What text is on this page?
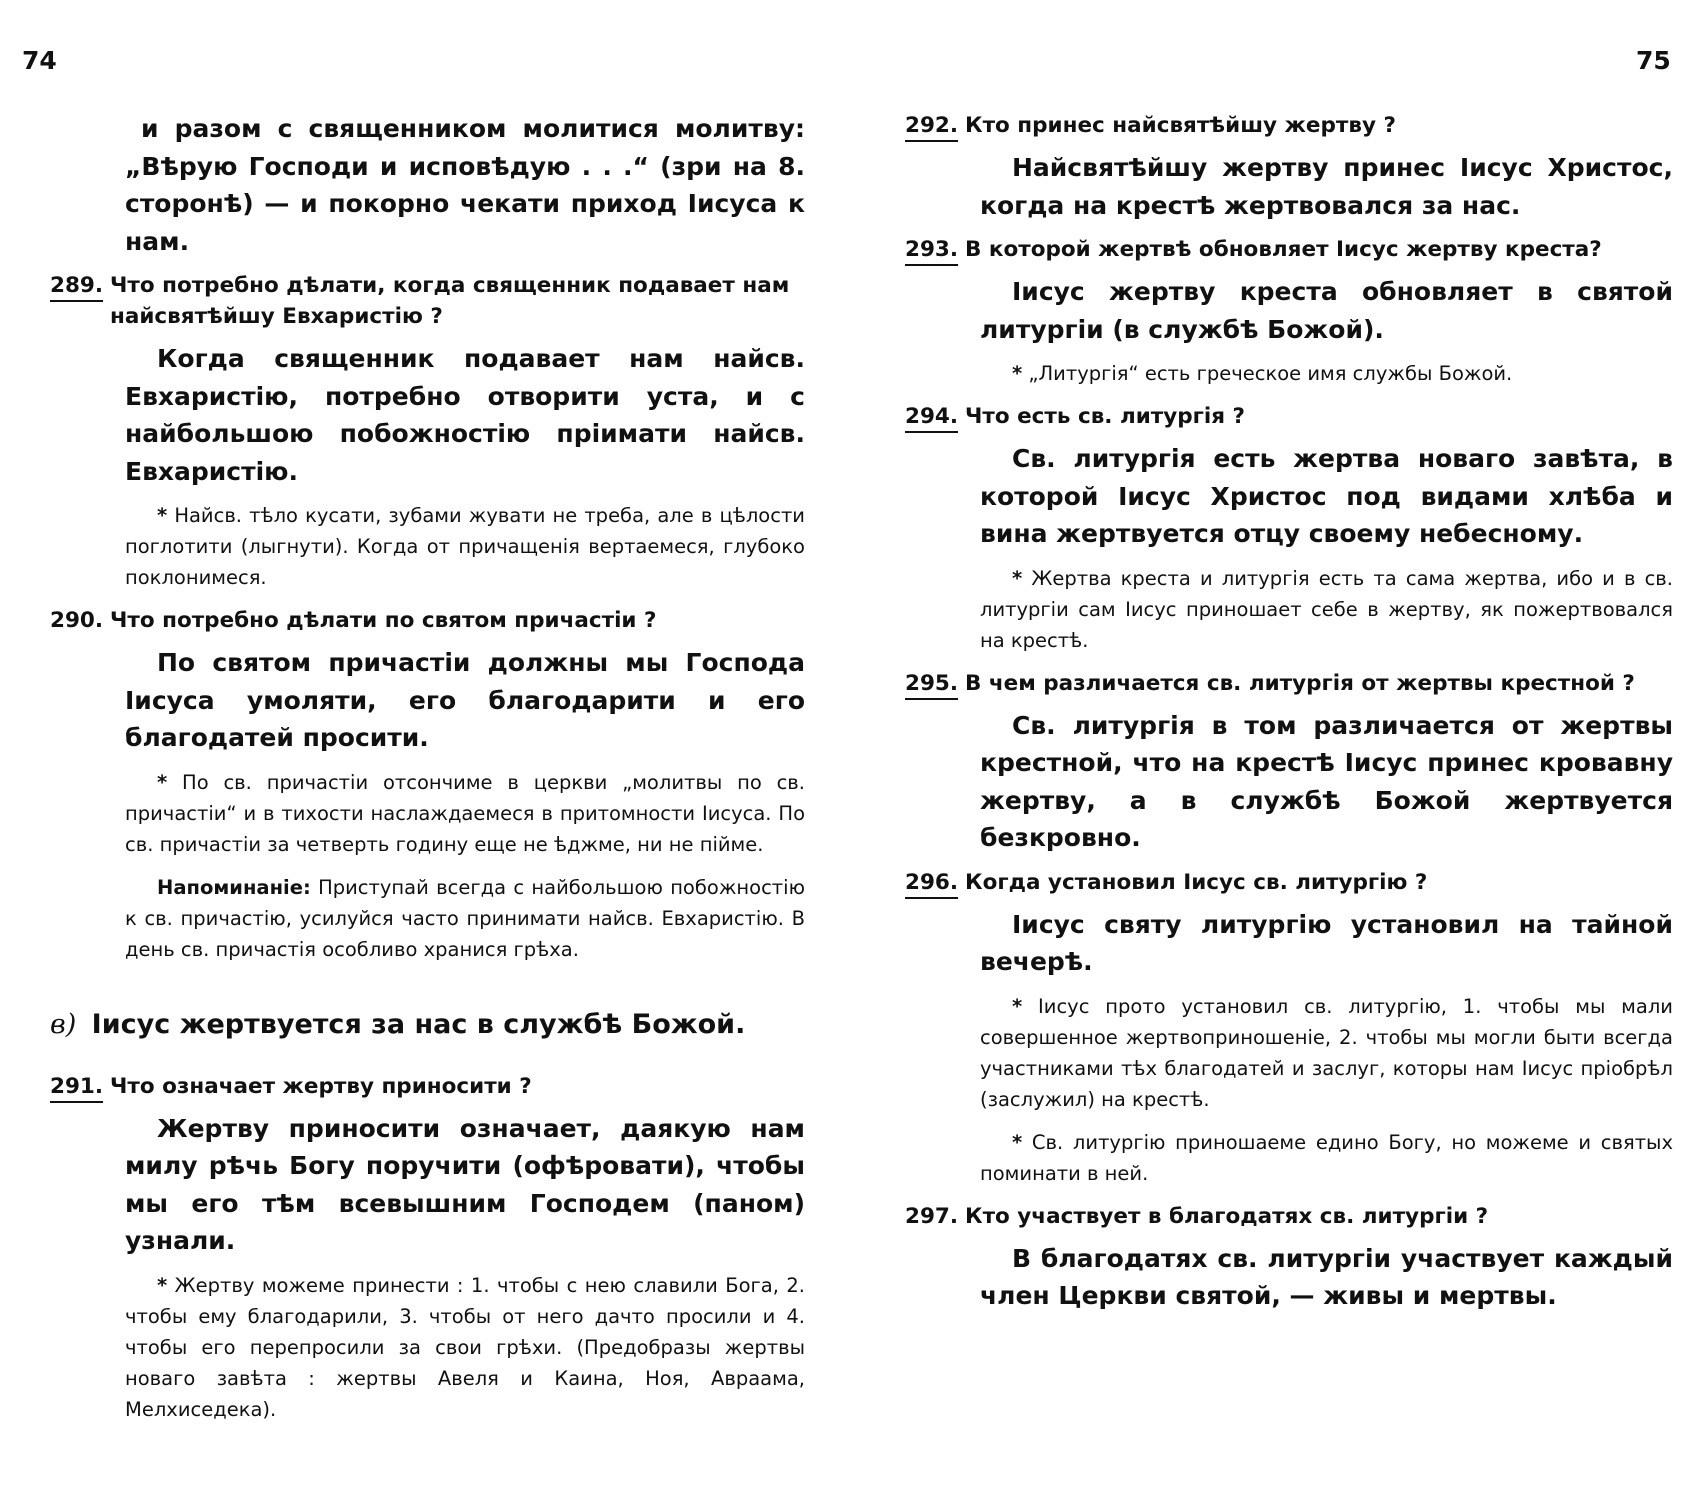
74	75
и разом с священником молитися молитву: „Вѣрую Господи и исповѣдую . . .“ (зри на 8. сторонѣ) — и покорно чекати приход Іисуса к нам.
289. Что потребно дѣлати, когда священник подавает нам найсвятѣйшу Евхаристію ?
Когда священник подавает нам найсв. Евхаристію, потребно отворити уста, и с найбольшою побожностію пріимати найсв. Евхаристію.
* Найсв. тѣло кусати, зубами жувати не треба, але в цѣлости поглотити (лыгнути). Когда от причащенія вертаемеся, глубоко поклонимеся.
290. Что потребно дѣлати по святом причастіи ?
По святом причастіи должны мы Господа Іисуса умоляти, его благодарити и его благодатей просити.
* По св. причастіи отсончиме в церкви „молитвы по св. причастіи“ и в тихости наслаждаемеся в притомности Іисуса. По св. причастіи за четверть годину еще не ѣджме, ни не пійме.
Напоминаніе: Приступай всегда с найбольшою побожностію к св. причастію, усилуйся часто принимати найсв. Евхаристію. В день св. причастія особливо хранися грѣха.
в) Іисус жертвуется за нас в службѣ Божой.
291. Что означает жертву приносити ?
Жертву приносити означает, даякую нам милу рѣчь Богу поручити (офѣровати), чтобы мы его тѣм всевышним Господем (паном) узнали.
* Жертву можеме принести : 1. чтобы с нею славили Бога, 2. чтобы ему благодарили, 3. чтобы от него дачто просили и 4. чтобы его перепросили за свои грѣхи. (Предобразы жертвы новаго завѣта : жертвы Авеля и Каина, Ноя, Авраама, Мелхиседека).
292. Кто принес найсвятѣйшу жертву ?
Найсвятѣйшу жертву принес Іисус Христос, когда на крестѣ жертвовался за нас.
293. В которой жертвѣ обновляет Іисус жертву креста?
Іисус жертву креста обновляет в святой литургіи (в службѣ Божой).
* „Литургія“ есть греческое имя службы Божой.
294. Что есть св. литургія ?
Св. литургія есть жертва новаго завѣта, в которой Іисус Христос под видами хлѣба и вина жертвуется отцу своему небесному.
* Жертва креста и литургія есть та сама жертва, ибо и в св. литургіи сам Іисус приношает себе в жертву, як пожертвовался на крестѣ.
295. В чем различается св. литургія от жертвы крестной ?
Св. литургія в том различается от жертвы крестной, что на крестѣ Іисус принес кровавну жертву, а в службѣ Божой жертвуется безкровно.
296. Когда установил Іисус св. литургію ?
Іисус святу литургію установил на тайной вечерѣ.
* Іисус прото установил св. литургію, 1. чтобы мы мали совершенное жертвоприношеніе, 2. чтобы мы могли быти всегда участниками тѣх благодатей и заслуг, которы нам Іисус пріобрѣл (заслужил) на крестѣ.
* Св. литургію приношаеме едино Богу, но можеме и святых поминати в ней.
297. Кто участвует в благодатях св. литургіи ?
В благодатях св. литургіи участвует каждый член Церкви святой, — живы и мертвы.
